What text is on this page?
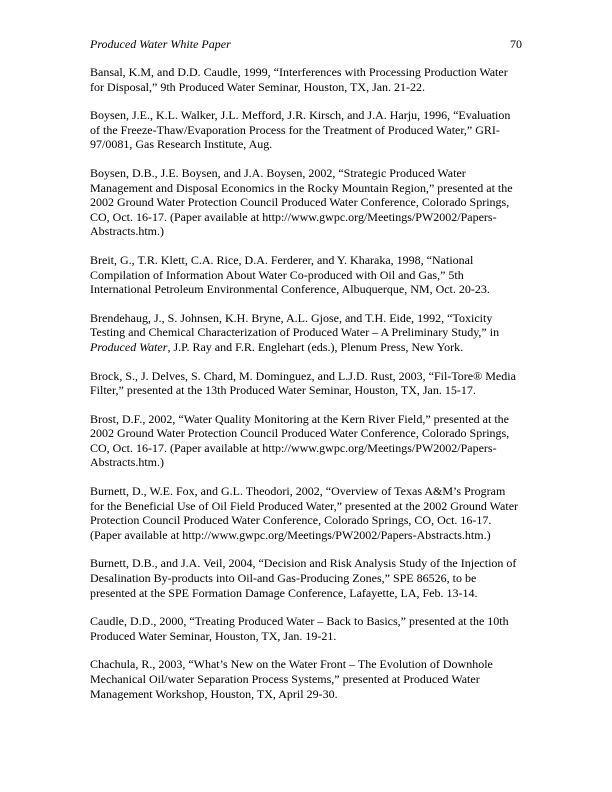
Produced Water White Paper	70

Bansal, K.M, and D.D. Caudle, 1999, “Interferences with Processing Production Water for Disposal,” 9th Produced Water Seminar, Houston, TX, Jan. 21-22.

Boysen, J.E., K.L. Walker, J.L. Mefford, J.R. Kirsch, and J.A. Harju, 1996, “Evaluation of the Freeze-Thaw/Evaporation Process for the Treatment of Produced Water,” GRI-97/0081, Gas Research Institute, Aug.

Boysen, D.B., J.E. Boysen, and J.A. Boysen, 2002, “Strategic Produced Water Management and Disposal Economics in the Rocky Mountain Region,” presented at the 2002 Ground Water Protection Council Produced Water Conference, Colorado Springs, CO, Oct. 16-17. (Paper available at http://www.gwpc.org/Meetings/PW2002/Papers-Abstracts.htm.)

Breit, G., T.R. Klett, C.A. Rice, D.A. Ferderer, and Y. Kharaka, 1998, “National Compilation of Information About Water Co-produced with Oil and Gas,” 5th International Petroleum Environmental Conference, Albuquerque, NM, Oct. 20-23.

Brendehaug, J., S. Johnsen, K.H. Bryne, A.L. Gjose, and T.H. Eide, 1992, “Toxicity Testing and Chemical Characterization of Produced Water – A Preliminary Study,” in Produced Water, J.P. Ray and F.R. Englehart (eds.), Plenum Press, New York.

Brock, S., J. Delves, S. Chard, M. Dominguez, and L.J.D. Rust, 2003, “Fil-Tore® Media Filter,” presented at the 13th Produced Water Seminar, Houston, TX, Jan. 15-17.

Brost, D.F., 2002, “Water Quality Monitoring at the Kern River Field,” presented at the 2002 Ground Water Protection Council Produced Water Conference, Colorado Springs, CO, Oct. 16-17. (Paper available at http://www.gwpc.org/Meetings/PW2002/Papers-Abstracts.htm.)

Burnett, D., W.E. Fox, and G.L. Theodori, 2002, “Overview of Texas A&M’s Program for the Beneficial Use of Oil Field Produced Water,” presented at the 2002 Ground Water Protection Council Produced Water Conference, Colorado Springs, CO, Oct. 16-17. (Paper available at http://www.gwpc.org/Meetings/PW2002/Papers-Abstracts.htm.)

Burnett, D.B., and J.A. Veil, 2004, “Decision and Risk Analysis Study of the Injection of Desalination By-products into Oil-and Gas-Producing Zones,” SPE 86526, to be presented at the SPE Formation Damage Conference, Lafayette, LA, Feb. 13-14.

Caudle, D.D., 2000, “Treating Produced Water – Back to Basics,” presented at the 10th Produced Water Seminar, Houston, TX, Jan. 19-21.

Chachula, R., 2003, “What’s New on the Water Front – The Evolution of Downhole Mechanical Oil/water Separation Process Systems,” presented at Produced Water Management Workshop, Houston, TX, April 29-30.
